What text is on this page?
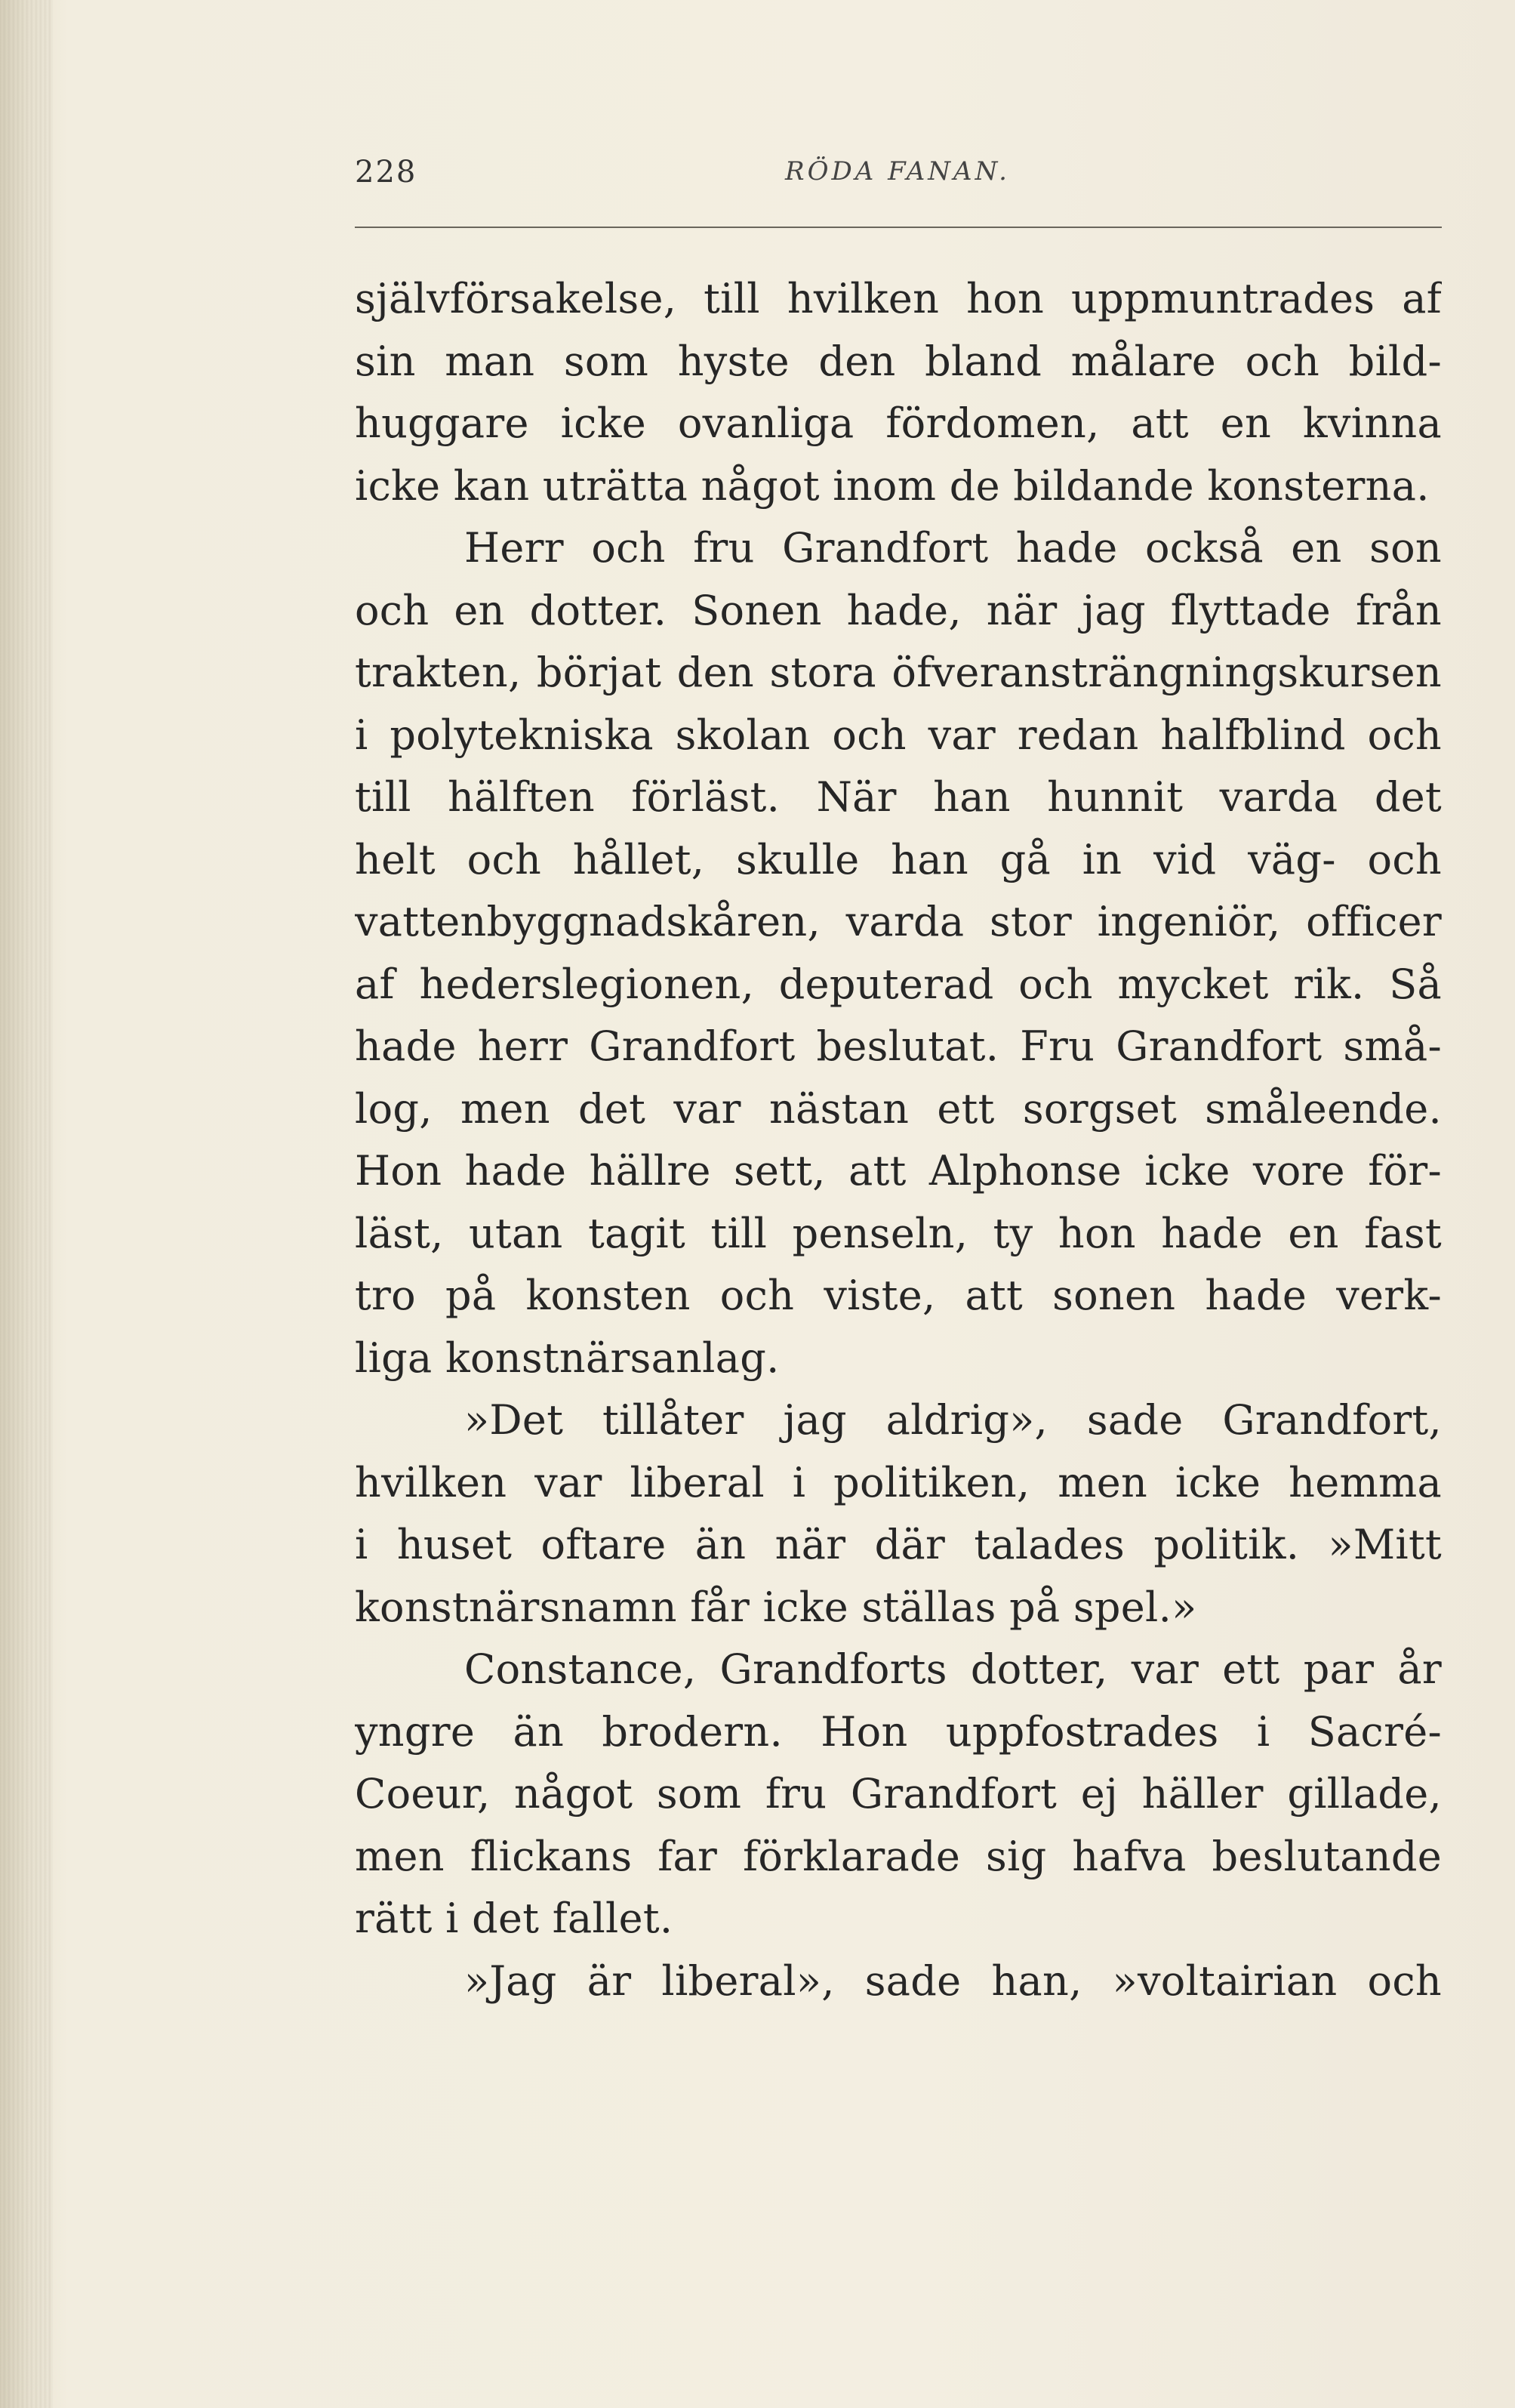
228	RÖDA FANAN.
självförsakelse, till hvilken hon uppmuntrades af
sin man som hyste den bland målare och bild-
huggare icke ovanliga fördomen, att en kvinna
icke kan uträtta något inom de bildande konsterna.
Herr och fru Grandfort hade också en son
och en dotter. Sonen hade, när jag flyttade från
trakten, börjat den stora öfveransträngningskursen
i polytekniska skolan och var redan halfblind och
till hälften förläst. När han hunnit varda det
helt och hållet, skulle han gå in vid väg- och
vattenbyggnadskåren, varda stor ingeniör, officer
af hederslegionen, deputerad och mycket rik. Så
hade herr Grandfort beslutat. Fru Grandfort små-
log, men det var nästan ett sorgset småleende.
Hon hade hällre sett, att Alphonse icke vore för-
läst, utan tagit till penseln, ty hon hade en fast
tro på konsten och viste, att sonen hade verk-
liga konstnärsanlag.
»Det tillåter jag aldrig», sade Grandfort,
hvilken var liberal i politiken, men icke hemma
i huset oftare än när där talades politik. »Mitt
konstnärsnamn får icke ställas på spel.»
Constance, Grandforts dotter, var ett par år
yngre än brodern. Hon uppfostrades i Sacré-
Coeur, något som fru Grandfort ej häller gillade,
men flickans far förklarade sig hafva beslutande
rätt i det fallet.
»Jag är liberal», sade han, »voltairian och
